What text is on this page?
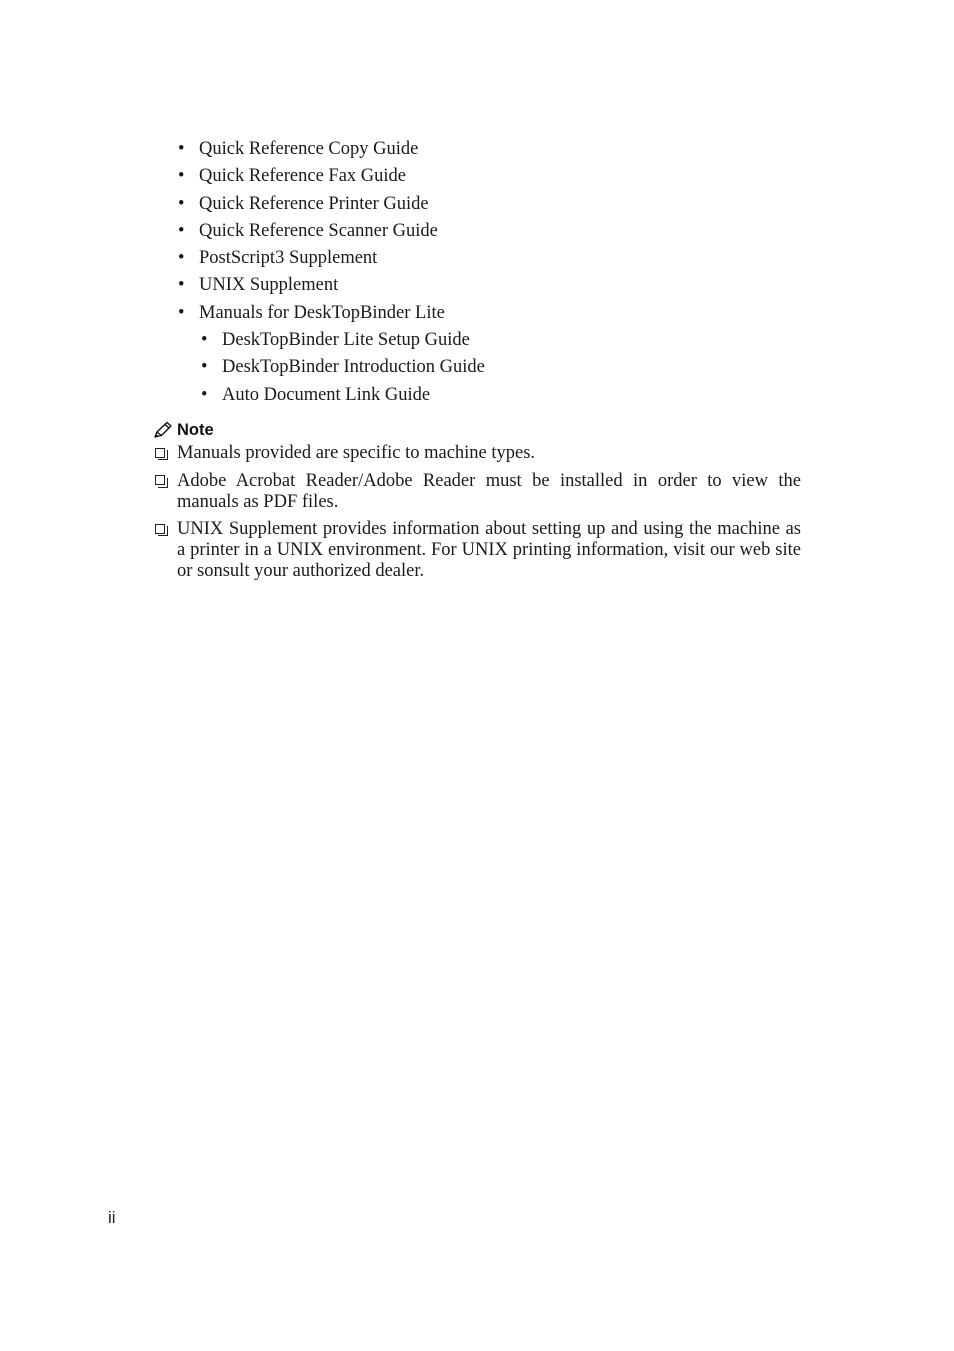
• Quick Reference Copy Guide
• Quick Reference Fax Guide
• Quick Reference Printer Guide
• Quick Reference Scanner Guide
• PostScript3 Supplement
• UNIX Supplement
• Manuals for DeskTopBinder Lite
• DeskTopBinder Lite Setup Guide
• DeskTopBinder Introduction Guide
• Auto Document Link Guide
Note
Manuals provided are specific to machine types.
Adobe Acrobat Reader/Adobe Reader must be installed in order to view the manuals as PDF files.
UNIX Supplement provides information about setting up and using the machine as a printer in a UNIX environment. For UNIX printing information, visit our web site or sonsult your authorized dealer.
ii
